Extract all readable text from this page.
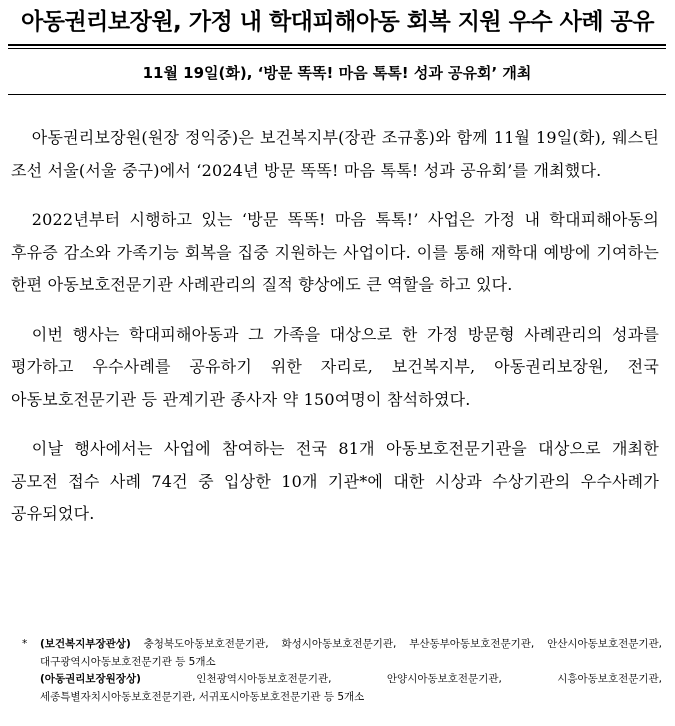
아동권리보장원, 가정 내 학대피해아동 회복 지원 우수 사례 공유
11월 19일(화), ‘방문 똑똑! 마음 톡톡! 성과 공유회’ 개최

아동권리보장원(원장 정익중)은 보건복지부(장관 조규홍)와 함께 11월 19일(화), 웨스틴 조선 서울(서울 중구)에서 ‘2024년 방문 똑똑! 마음 톡톡! 성과 공유회’를 개최했다.

2022년부터 시행하고 있는 ‘방문 똑똑! 마음 톡톡!’ 사업은 가정 내 학대피해아동의 후유증 감소와 가족기능 회복을 집중 지원하는 사업이다. 이를 통해 재학대 예방에 기여하는 한편 아동보호전문기관 사례관리의 질적 향상에도 큰 역할을 하고 있다.

이번 행사는 학대피해아동과 그 가족을 대상으로 한 가정 방문형 사례관리의 성과를 평가하고 우수사례를 공유하기 위한 자리로, 보건복지부, 아동권리보장원, 전국 아동보호전문기관 등 관계기관 종사자 약 150여명이 참석하였다.

이날 행사에서는 사업에 참여하는 전국 81개 아동보호전문기관을 대상으로 개최한 공모전 접수 사례 74건 중 입상한 10개 기관*에 대한 시상과 수상기관의 우수사례가 공유되었다.

* (보건복지부장관상) 충청북도아동보호전문기관, 화성시아동보호전문기관, 부산동부아동보호전문기관, 안산시아동보호전문기관, 대구광역시아동보호전문기관 등 5개소
(아동권리보장원장상) 인천광역시아동보호전문기관, 안양시아동보호전문기관, 시흥아동보호전문기관, 세종특별자치시아동보호전문기관, 서귀포시아동보호전문기관 등 5개소
